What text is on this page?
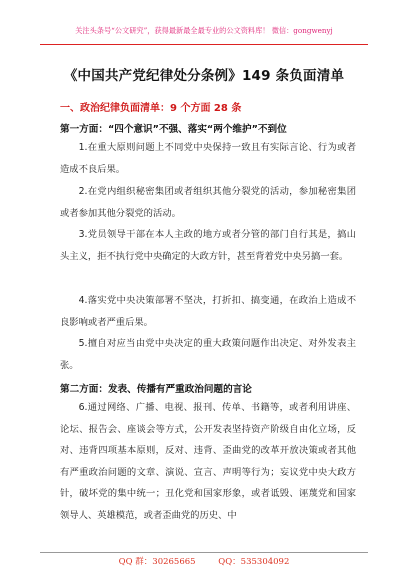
关注头条号“公文研究”，获得最新最全最专业的公文资料库！ 微信：gongwenyj
《中国共产党纪律处分条例》149 条负面清单
一、政治纪律负面清单：9 个方面 28 条
第一方面：“四个意识”不强、落实“两个维护”不到位
1.在重大原则问题上不同党中央保持一致且有实际言论、行为或者造成不良后果。
2.在党内组织秘密集团或者组织其他分裂党的活动，参加秘密集团或者参加其他分裂党的活动。
3.党员领导干部在本人主政的地方或者分管的部门自行其是，搞山头主义，拒不执行党中央确定的大政方针，甚至背着党中央另搞一套。
4.落实党中央决策部署不坚决，打折扣、搞变通，在政治上造成不良影响或者严重后果。
5.擅自对应当由党中央决定的重大政策问题作出决定、对外发表主张。
第二方面：发表、传播有严重政治问题的言论
6.通过网络、广播、电视、报刊、传单、书籍等，或者利用讲座、论坛、报告会、座谈会等方式，公开发表坚持资产阶级自由化立场，反对、违背四项基本原则，反对、违背、歪曲党的改革开放决策或者其他有严重政治问题的文章、演说、宣言、声明等行为；妄议党中央大政方针，破坏党的集中统一；丑化党和国家形象，或者诋毁、诬蔑党和国家领导人、英雄模范，或者歪曲党的历史、中
QQ 群：30265665	QQ：535304092
